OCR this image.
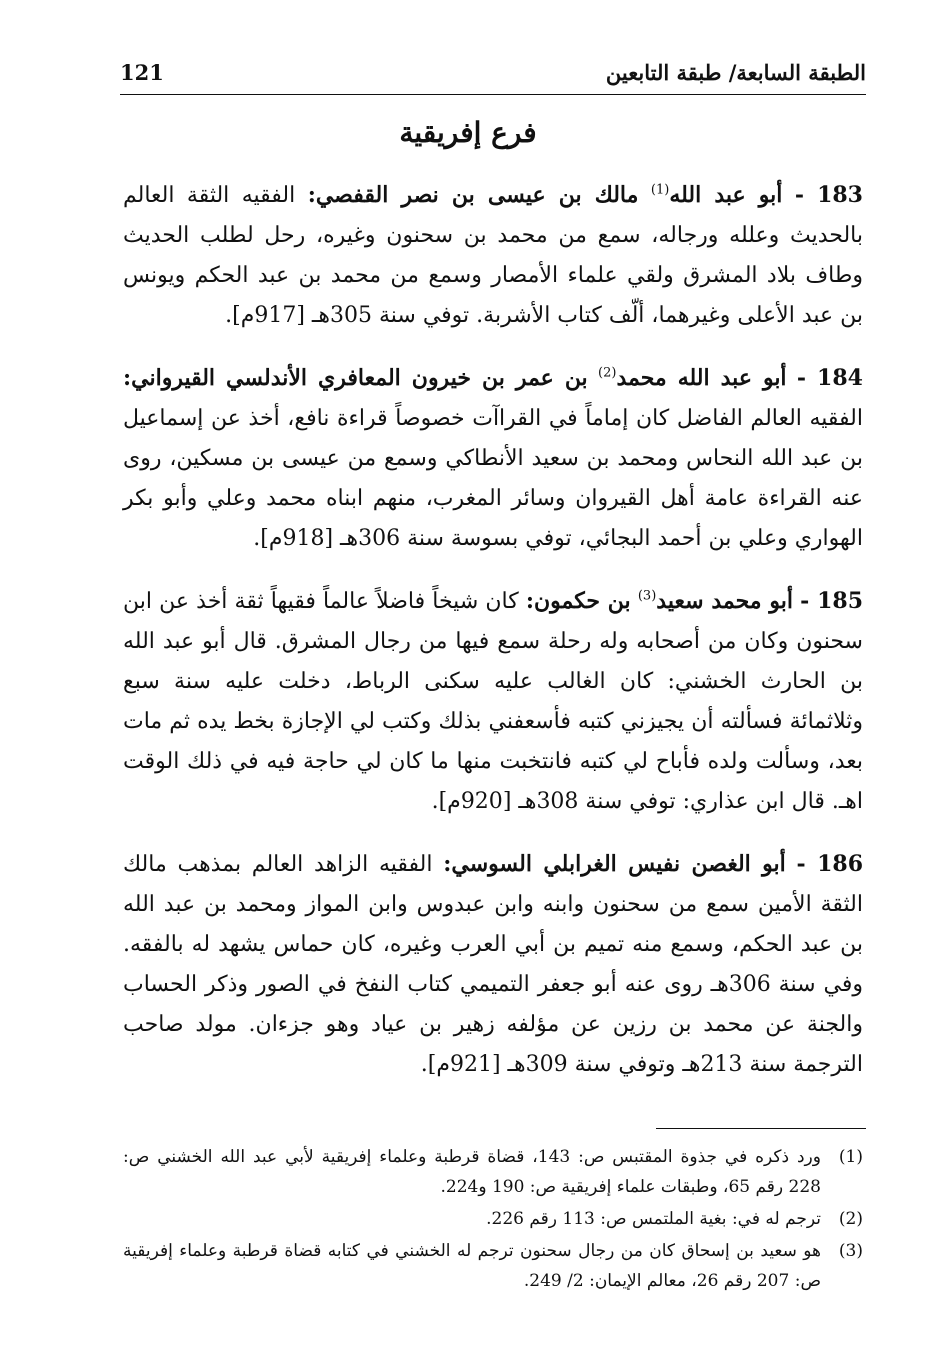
الطبقة السابعة/ طبقة التابعين
121
فرع إفريقية

183 - أبو عبد الله$^{(1)}$ مالك بن عيسى بن نصر القفصي: الفقيه الثقة العالم بالحديث وعلله ورجاله، سمع من محمد بن سحنون وغيره، رحل لطلب الحديث وطاف بلاد المشرق ولقي علماء الأمصار وسمع من محمد بن عبد الحكم ويونس بن عبد الأعلى وغيرهما، ألّف كتاب الأشربة. توفي سنة 305هـ [917م].

184 - أبو عبد الله محمد$^{(2)}$ بن عمر بن خيرون المعافري الأندلسي القيرواني: الفقيه العالم الفاضل كان إماماً في القراآت خصوصاً قراءة نافع، أخذ عن إسماعيل بن عبد الله النحاس ومحمد بن سعيد الأنطاكي وسمع من عيسى بن مسكين، روى عنه القراءة عامة أهل القيروان وسائر المغرب، منهم ابناه محمد وعلي وأبو بكر الهواري وعلي بن أحمد البجائي، توفي بسوسة سنة 306هـ [918م].

185 - أبو محمد سعيد$^{(3)}$ بن حكمون: كان شيخاً فاضلاً عالماً فقيهاً ثقة أخذ عن ابن سحنون وكان من أصحابه وله رحلة سمع فيها من رجال المشرق. قال أبو عبد الله بن الحارث الخشني: كان الغالب عليه سكنى الرباط، دخلت عليه سنة سبع وثلاثمائة فسألته أن يجيزني كتبه فأسعفني بذلك وكتب لي الإجازة بخط يده ثم مات بعد، وسألت ولده فأباح لي كتبه فانتخبت منها ما كان لي حاجة فيه في ذلك الوقت اهـ. قال ابن عذاري: توفي سنة 308هـ [920م].

186 - أبو الغصن نفيس الغرابلي السوسي: الفقيه الزاهد العالم بمذهب مالك الثقة الأمين سمع من سحنون وابنه وابن عبدوس وابن المواز ومحمد بن عبد الله بن عبد الحكم، وسمع منه تميم بن أبي العرب وغيره، كان حماس يشهد له بالفقه. وفي سنة 306هـ روى عنه أبو جعفر التميمي كتاب النفخ في الصور وذكر الحساب والجنة عن محمد بن رزين عن مؤلفه زهير بن عياد وهو جزءان. مولد صاحب الترجمة سنة 213هـ وتوفي سنة 309هـ [921م].

(1)
ورد ذكره في جذوة المقتبس ص: 143، قضاة قرطبة وعلماء إفريقية لأبي عبد الله الخشني ص: 228 رقم 65، وطبقات علماء إفريقية ص: 190 و224.
(2)
ترجم له في: بغية الملتمس ص: 113 رقم 226.
(3)
هو سعيد بن إسحاق كان من رجال سحنون ترجم له الخشني في كتابه قضاة قرطبة وعلماء إفريقية ص: 207 رقم 26، معالم الإيمان: 2/ 249.
